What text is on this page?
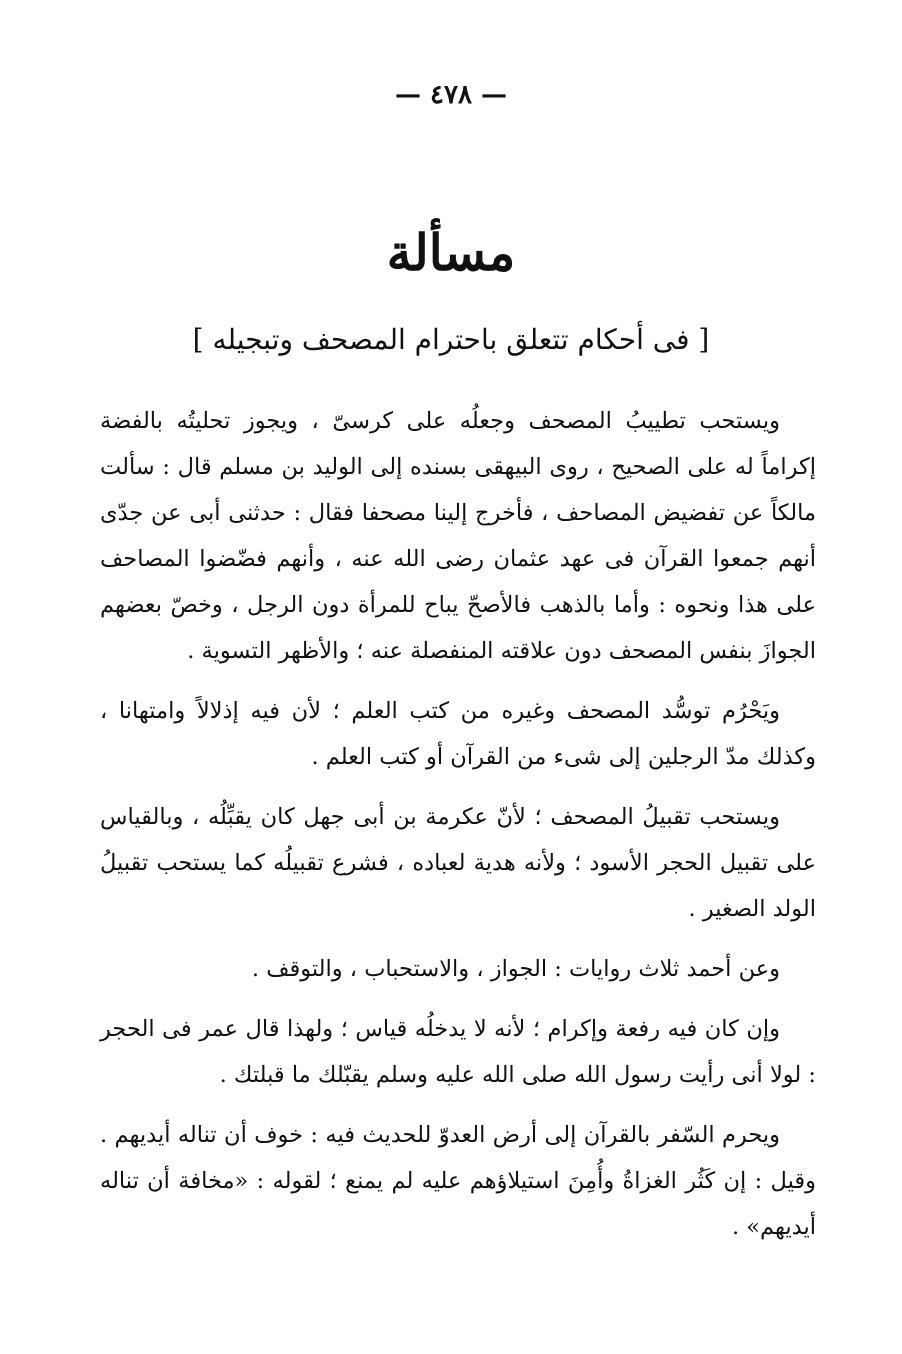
— ٤٧٨ —
مسألة
[ فى أحكام تتعلق باحترام المصحف وتبجيله ]

ويستحب تطييبُ المصحف وجعلُه على كرسىّ ، ويجوز تحليتُه بالفضة إكراماً له على الصحيح ، روى البيهقى بسنده إلى الوليد بن مسلم قال : سألت مالكاً عن تفضيض المصاحف ، فأخرج إلينا مصحفا فقال : حدثنى أبى عن جدّى أنهم جمعوا القرآن فى عهد عثمان رضى الله عنه ، وأنهم فضّضوا المصاحف على هذا ونحوه : وأما بالذهب فالأصحّ يباح للمرأة دون الرجل ، وخصّ بعضهم الجوازَ بنفس المصحف دون علاقته المنفصلة عنه ؛ والأظهر التسوية .

ويَحْرُم توسُّد المصحف وغيره من كتب العلم ؛ لأن فيه إذلالاً وامتهانا ، وكذلك مدّ الرجلين إلى شىء من القرآن أو كتب العلم .

ويستحب تقبيلُ المصحف ؛ لأنّ عكرمة بن أبى جهل كان يقبِّلُه ، وبالقياس على تقبيل الحجر الأسود ؛ ولأنه هدية لعباده ، فشرع تقبيلُه كما يستحب تقبيلُ الولد الصغير .

وعن أحمد ثلاث روايات : الجواز ، والاستحباب ، والتوقف .

وإن كان فيه رفعة وإكرام ؛ لأنه لا يدخلُه قياس ؛ ولهذا قال عمر فى الحجر : لولا أنى رأيت رسول الله صلى الله عليه وسلم يقبّلك ما قبلتك .

ويحرم السّفر بالقرآن إلى أرض العدوّ للحديث فيه : خوف أن تناله أيديهم . وقيل : إن كَثُر الغزاةُ وأُمِنَ استيلاؤهم عليه لم يمنع ؛ لقوله : «مخافة أن تناله أيديهم» .
